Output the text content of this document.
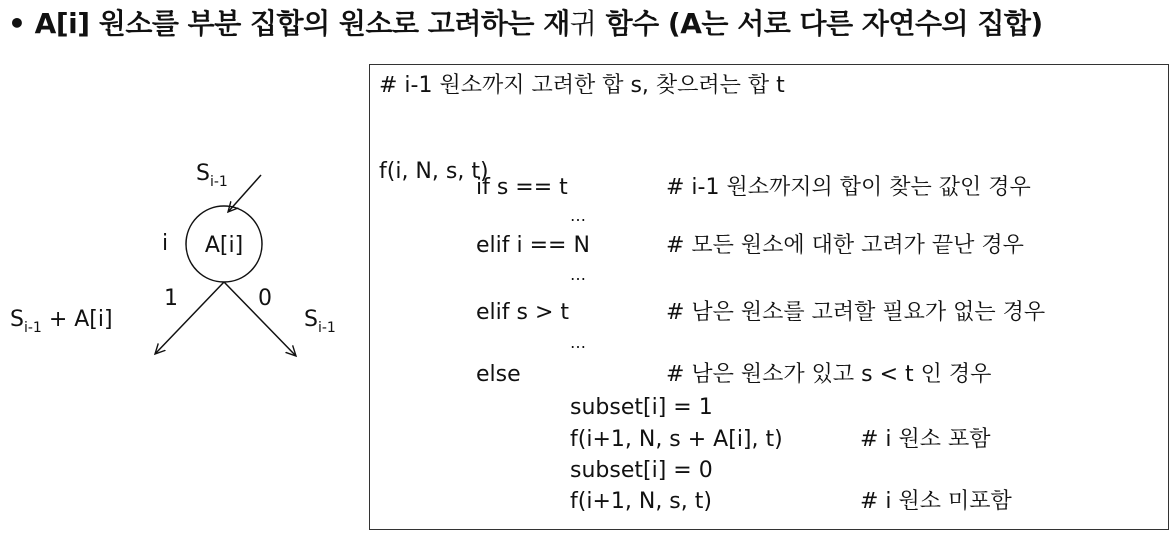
• A[i] 원소를 부분 집합의 원소로 고려하는 재귀 함수 (A는 서로 다른 자연수의 집합)
$S_{i-1}$
A[i]
i
1	0
$S_{i-1} + A[i]$	$S_{i-1}$
# i-1 원소까지 고려한 합 s, 찾으려는 합 t
f(i, N, s, t)
if s == t	# i-1 원소까지의 합이 찾는 값인 경우
…
elif i == N	# 모든 원소에 대한 고려가 끝난 경우
…
elif s > t	# 남은 원소를 고려할 필요가 없는 경우
…
else	# 남은 원소가 있고 s < t 인 경우
subset[i] = 1
f(i+1, N, s + A[i], t)	# i 원소 포함
subset[i] = 0
f(i+1, N, s, t)	# i 원소 미포함
